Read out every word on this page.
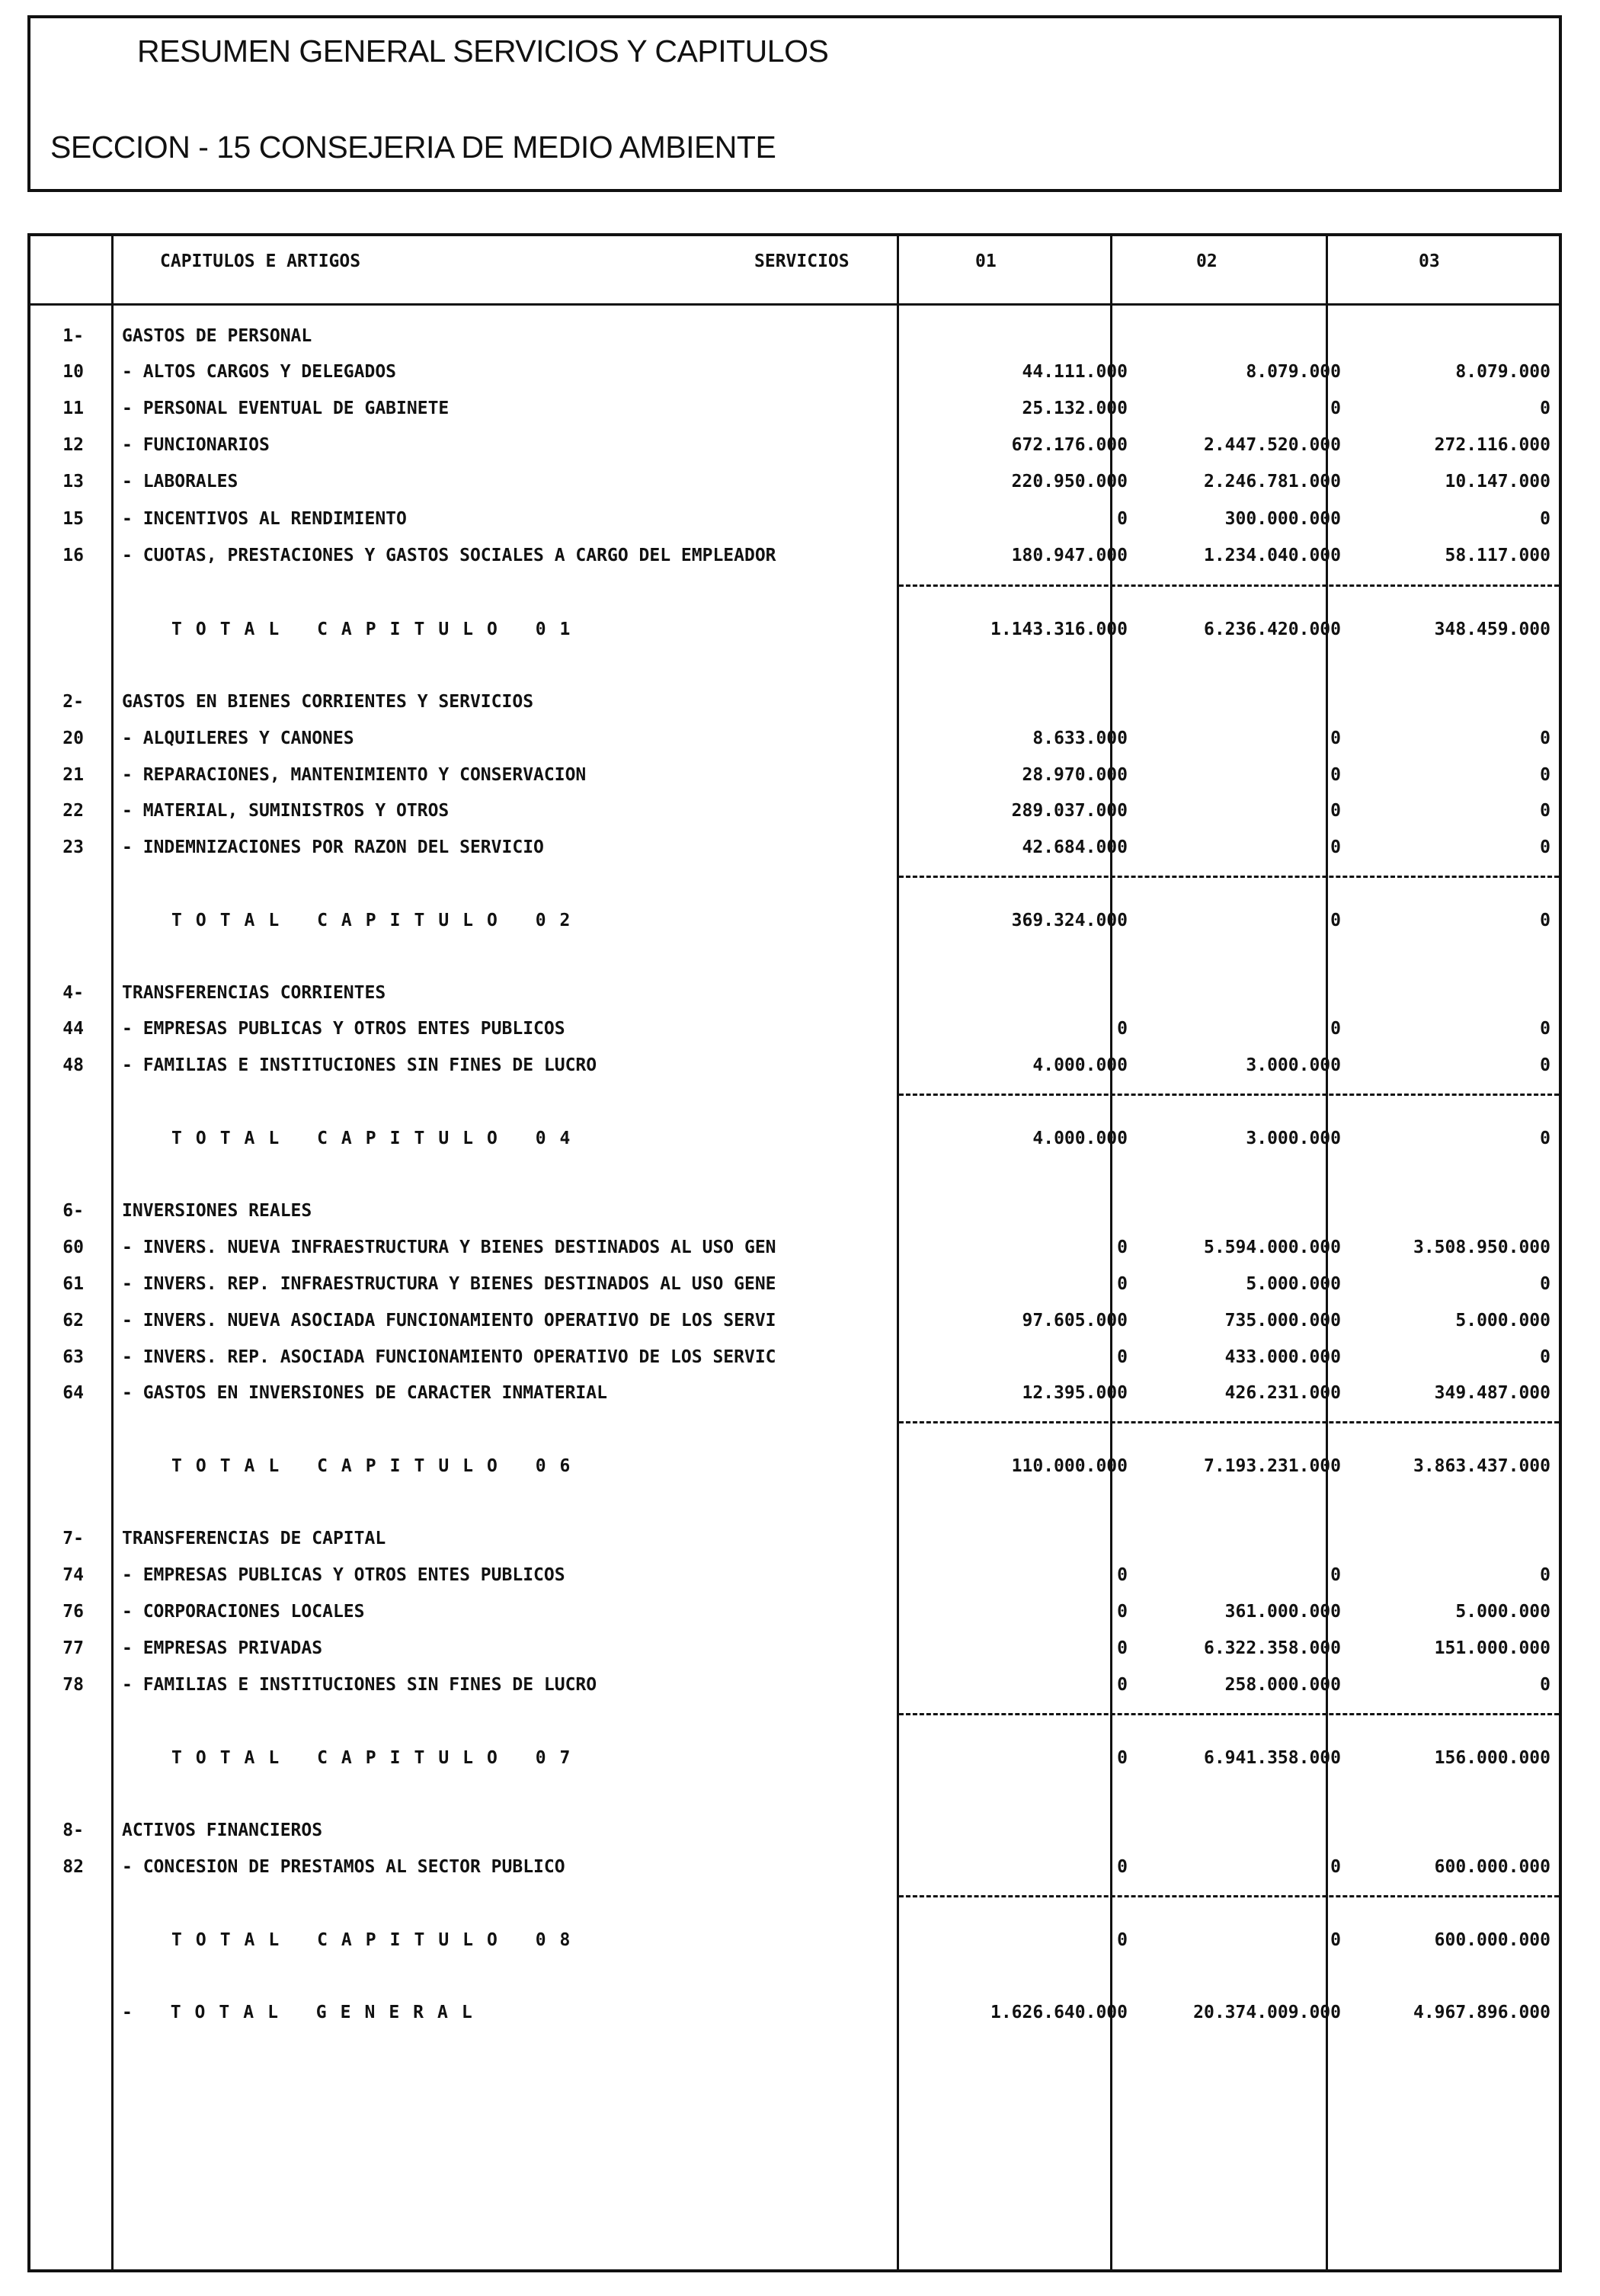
RESUMEN GENERAL SERVICIOS Y CAPITULOS
SECCION - 15 CONSEJERIA DE MEDIO AMBIENTE
CAPITULOS E ARTIGOS	SERVICIOS	01	02	03
1- GASTOS DE PERSONAL
10 - ALTOS CARGOS Y DELEGADOS	44.111.000	8.079.000	8.079.000
11 - PERSONAL EVENTUAL DE GABINETE	25.132.000	0	0
12 - FUNCIONARIOS	672.176.000	2.447.520.000	272.116.000
13 - LABORALES	220.950.000	2.246.781.000	10.147.000
15 - INCENTIVOS AL RENDIMIENTO	0	300.000.000	0
16 - CUOTAS, PRESTACIONES Y GASTOS SOCIALES A CARGO DEL EMPLEADOR	180.947.000	1.234.040.000	58.117.000
TOTAL CAPITULO 01	1.143.316.000	6.236.420.000	348.459.000
2- GASTOS EN BIENES CORRIENTES Y SERVICIOS
20 - ALQUILERES Y CANONES	8.633.000	0	0
21 - REPARACIONES, MANTENIMIENTO Y CONSERVACION	28.970.000	0	0
22 - MATERIAL, SUMINISTROS Y OTROS	289.037.000	0	0
23 - INDEMNIZACIONES POR RAZON DEL SERVICIO	42.684.000	0	0
TOTAL CAPITULO 02	369.324.000	0	0
4- TRANSFERENCIAS CORRIENTES
44 - EMPRESAS PUBLICAS Y OTROS ENTES PUBLICOS	0	0	0
48 - FAMILIAS E INSTITUCIONES SIN FINES DE LUCRO	4.000.000	3.000.000	0
TOTAL CAPITULO 04	4.000.000	3.000.000	0
6- INVERSIONES REALES
60 - INVERS. NUEVA INFRAESTRUCTURA Y BIENES DESTINADOS AL USO GEN	0	5.594.000.000	3.508.950.000
61 - INVERS. REP. INFRAESTRUCTURA Y BIENES DESTINADOS AL USO GENE	0	5.000.000	0
62 - INVERS. NUEVA ASOCIADA FUNCIONAMIENTO OPERATIVO DE LOS SERVI	97.605.000	735.000.000	5.000.000
63 - INVERS. REP. ASOCIADA FUNCIONAMIENTO OPERATIVO DE LOS SERVIC	0	433.000.000	0
64 - GASTOS EN INVERSIONES DE CARACTER INMATERIAL	12.395.000	426.231.000	349.487.000
TOTAL CAPITULO 06	110.000.000	7.193.231.000	3.863.437.000
7- TRANSFERENCIAS DE CAPITAL
74 - EMPRESAS PUBLICAS Y OTROS ENTES PUBLICOS	0	0	0
76 - CORPORACIONES LOCALES	0	361.000.000	5.000.000
77 - EMPRESAS PRIVADAS	0	6.322.358.000	151.000.000
78 - FAMILIAS E INSTITUCIONES SIN FINES DE LUCRO	0	258.000.000	0
TOTAL CAPITULO 07	0	6.941.358.000	156.000.000
8- ACTIVOS FINANCIEROS
82 - CONCESION DE PRESTAMOS AL SECTOR PUBLICO	0	0	600.000.000
TOTAL CAPITULO 08	0	0	600.000.000
- TOTAL GENERAL	1.626.640.000	20.374.009.000	4.967.896.000
